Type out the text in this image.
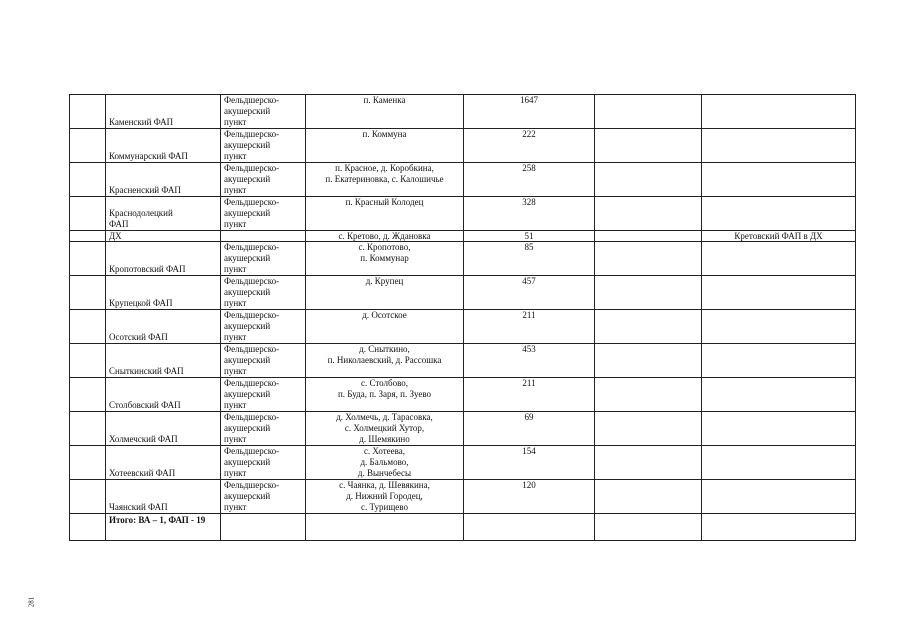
	Каменский ФАП	Фельдшерско-
акушерский
пункт	п. Каменка	1647		

	Коммунарский ФАП	Фельдшерско-
акушерский
пункт	п. Коммуна	222		

	Красненский ФАП	Фельдшерско-
акушерский
пункт	п. Красное, д. Коробкина,
п. Екатериновка, с. Калошичье	258		

	Краснодолецкий
ФАП	Фельдшерско-
акушерский
пункт	п. Красный Колодец	328		
	ДХ		с. Кретово, д. Ждановка	51		Кретовский ФАП в ДХ

	Кропотовский ФАП	Фельдшерско-
акушерский
пункт	с. Кропотово,
п. Коммунар	85		

	Крупецкой ФАП	Фельдшерско-
акушерский
пункт	д. Крупец	457		

	Осотский ФАП	Фельдшерско-
акушерский
пункт	д. Осотское	211		

	Сныткинский ФАП	Фельдшерско-
акушерский
пункт	д. Сныткино,
п. Николаевский, д. Рассошка	453		

	Столбовский ФАП	Фельдшерско-
акушерский
пункт	с. Столбово,
п. Буда, п. Заря, п. Зуево	211		

	Холмечский ФАП	Фельдшерско-
акушерский
пункт	д. Холмечь, д. Тарасовка,
с. Холмецкий Хутор,
д. Шемякино	69		

	Хотеевский ФАП	Фельдшерско-
акушерский
пункт	с. Хотеева,
д. Бальмово,
д. Вынчебесы	154		

	Чаянский ФАП	Фельдшерско-
акушерский
пункт	с. Чаянка, д. Шевякина,
д. Нижний Городец,
с. Турищево	120		
	Итого: ВА – 1, ФАП - 19					
281
